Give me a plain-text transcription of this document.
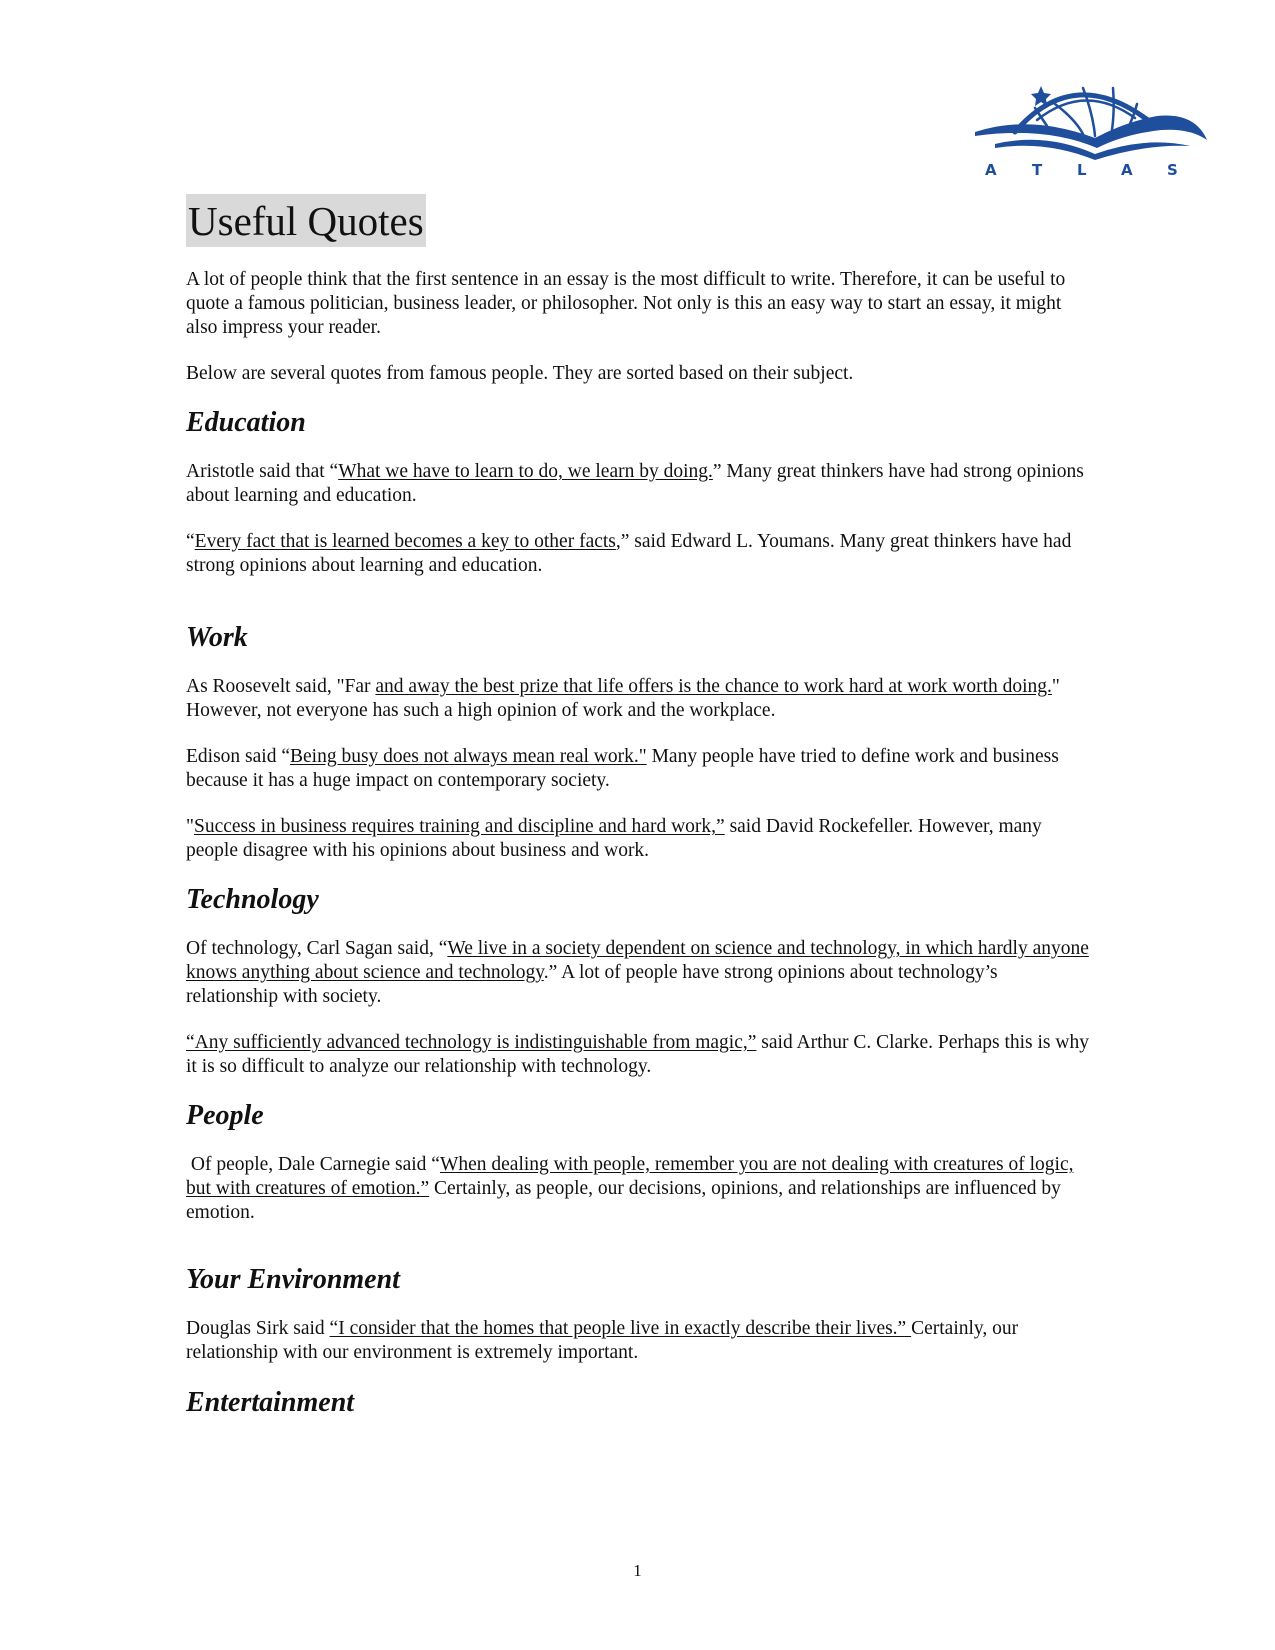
A T L A S
Useful Quotes

A lot of people think that the first sentence in an essay is the most difficult to write. Therefore, it can be useful to quote a famous politician, business leader, or philosopher. Not only is this an easy way to start an essay, it might also impress your reader.

Below are several quotes from famous people. They are sorted based on their subject.

Education

Aristotle said that “What we have to learn to do, we learn by doing.” Many great thinkers have had strong opinions about learning and education.

“Every fact that is learned becomes a key to other facts,” said Edward L. Youmans. Many great thinkers have had strong opinions about learning and education.

Work

As Roosevelt said, "Far and away the best prize that life offers is the chance to work hard at work worth doing." However, not everyone has such a high opinion of work and the workplace.

Edison said “Being busy does not always mean real work." Many people have tried to define work and business because it has a huge impact on contemporary society.

"Success in business requires training and discipline and hard work,” said David Rockefeller. However, many people disagree with his opinions about business and work.

Technology

Of technology, Carl Sagan said, “We live in a society dependent on science and technology, in which hardly anyone knows anything about science and technology.” A lot of people have strong opinions about technology’s relationship with society.

“Any sufficiently advanced technology is indistinguishable from magic,” said Arthur C. Clarke. Perhaps this is why it is so difficult to analyze our relationship with technology.

People

Of people, Dale Carnegie said “When dealing with people, remember you are not dealing with creatures of logic, but with creatures of emotion.” Certainly, as people, our decisions, opinions, and relationships are influenced by emotion.

Your Environment

Douglas Sirk said “I consider that the homes that people live in exactly describe their lives.” Certainly, our relationship with our environment is extremely important.

Entertainment
1
